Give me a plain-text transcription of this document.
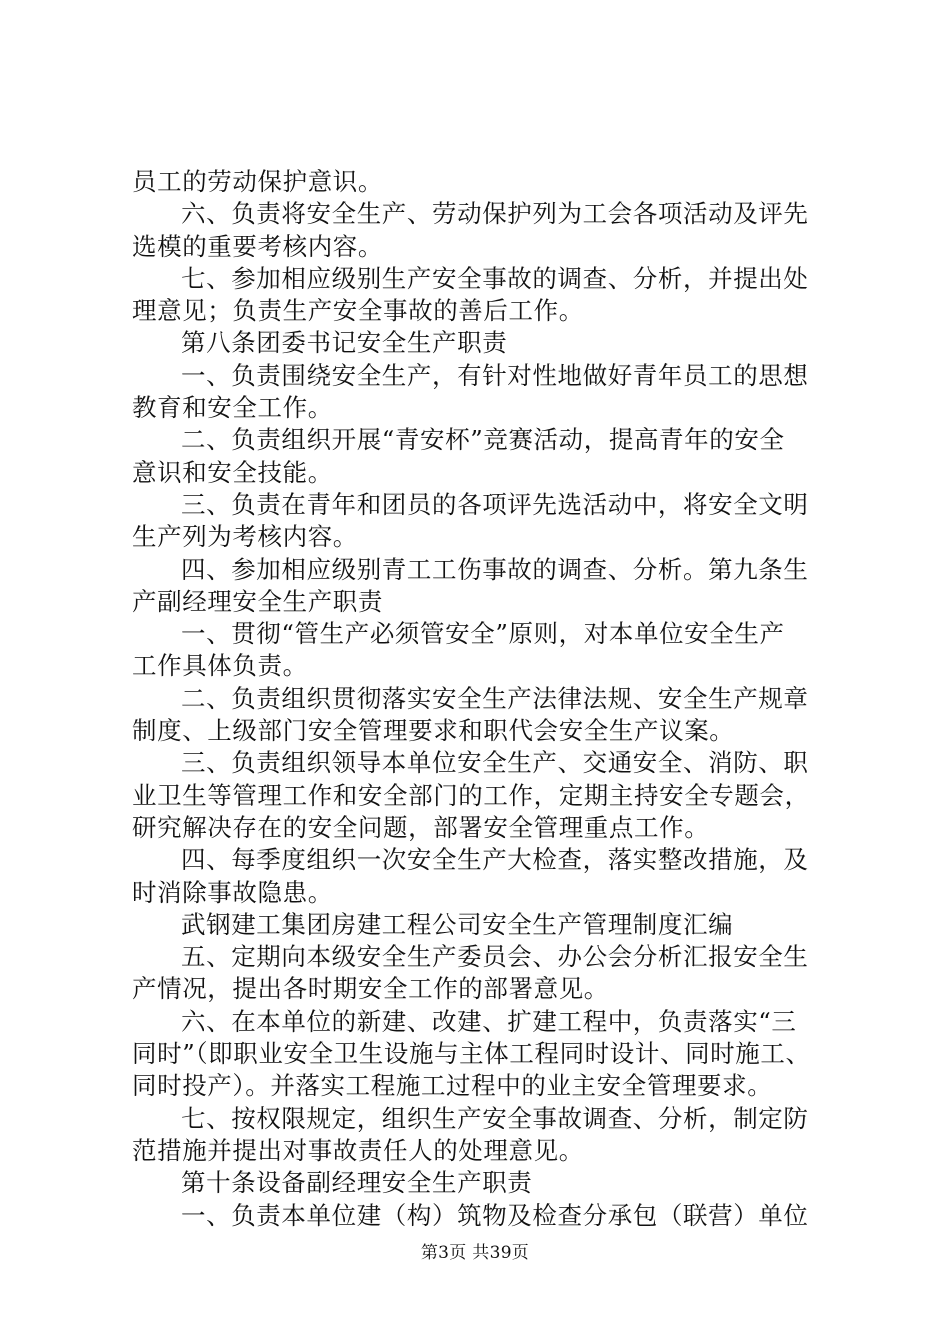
员工的劳动保护意识。
六、负责将安全生产、劳动保护列为工会各项活动及评先
选模的重要考核内容。
七、参加相应级别生产安全事故的调查、分析，并提出处
理意见；负责生产安全事故的善后工作。
第八条团委书记安全生产职责
一、负责围绕安全生产，有针对性地做好青年员工的思想
教育和安全工作。
二、负责组织开展“青安杯”竞赛活动，提高青年的安全
意识和安全技能。
三、负责在青年和团员的各项评先选活动中，将安全文明
生产列为考核内容。
四、参加相应级别青工工伤事故的调查、分析。第九条生
产副经理安全生产职责
一、贯彻“管生产必须管安全”原则，对本单位安全生产
工作具体负责。
二、负责组织贯彻落实安全生产法律法规、安全生产规章
制度、上级部门安全管理要求和职代会安全生产议案。
三、负责组织领导本单位安全生产、交通安全、消防、职
业卫生等管理工作和安全部门的工作，定期主持安全专题会，
研究解决存在的安全问题，部署安全管理重点工作。
四、每季度组织一次安全生产大检查，落实整改措施，及
时消除事故隐患。
武钢建工集团房建工程公司安全生产管理制度汇编
五、定期向本级安全生产委员会、办公会分析汇报安全生
产情况，提出各时期安全工作的部署意见。
六、在本单位的新建、改建、扩建工程中，负责落实“三
同时”（即职业安全卫生设施与主体工程同时设计、同时施工、
同时投产）。并落实工程施工过程中的业主安全管理要求。
七、按权限规定，组织生产安全事故调查、分析，制定防
范措施并提出对事故责任人的处理意见。
第十条设备副经理安全生产职责
一、负责本单位建（构）筑物及检查分承包（联营）单位
第3页 共39页
